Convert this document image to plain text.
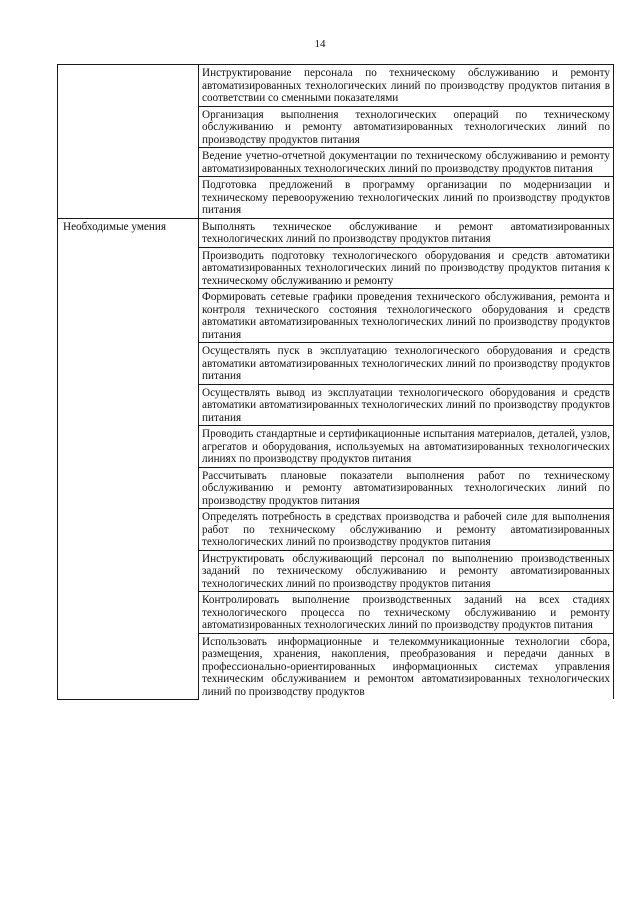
14
	Инструктирование персонала по техническому обслуживанию и ремонту автоматизированных технологических линий по производству продуктов питания в соответствии со сменными показателями
	Организация выполнения технологических операций по техническому обслуживанию и ремонту автоматизированных технологических линий по производству продуктов питания
	Ведение учетно-отчетной документации по техническому обслуживанию и ремонту автоматизированных технологических линий по производству продуктов питания
	Подготовка предложений в программу организации по модернизации и техническому перевооружению технологических линий по производству продуктов питания
Необходимые умения	Выполнять техническое обслуживание и ремонт автоматизированных технологических линий по производству продуктов питания
	Производить подготовку технологического оборудования и средств автоматики автоматизированных технологических линий по производству продуктов питания к техническому обслуживанию и ремонту
	Формировать сетевые графики проведения технического обслуживания, ремонта и контроля технического состояния технологического оборудования и средств автоматики автоматизированных технологических линий по производству продуктов питания
	Осуществлять пуск в эксплуатацию технологического оборудования и средств автоматики автоматизированных технологических линий по производству продуктов питания
	Осуществлять вывод из эксплуатации технологического оборудования и средств автоматики автоматизированных технологических линий по производству продуктов питания
	Проводить стандартные и сертификационные испытания материалов, деталей, узлов, агрегатов и оборудования, используемых на автоматизированных технологических линиях по производству продуктов питания
	Рассчитывать плановые показатели выполнения работ по техническому обслуживанию и ремонту автоматизированных технологических линий по производству продуктов питания
	Определять потребность в средствах производства и рабочей силе для выполнения работ по техническому обслуживанию и ремонту автоматизированных технологических линий по производству продуктов питания
	Инструктировать обслуживающий персонал по выполнению производственных заданий по техническому обслуживанию и ремонту автоматизированных технологических линий по производству продуктов питания
	Контролировать выполнение производственных заданий на всех стадиях технологического процесса по техническому обслуживанию и ремонту автоматизированных технологических линий по производству продуктов питания
	Использовать информационные и телекоммуникационные технологии сбора, размещения, хранения, накопления, преобразования и передачи данных в профессионально-ориентированных информационных системах управления техническим обслуживанием и ремонтом автоматизированных технологических линий по производству продуктов
